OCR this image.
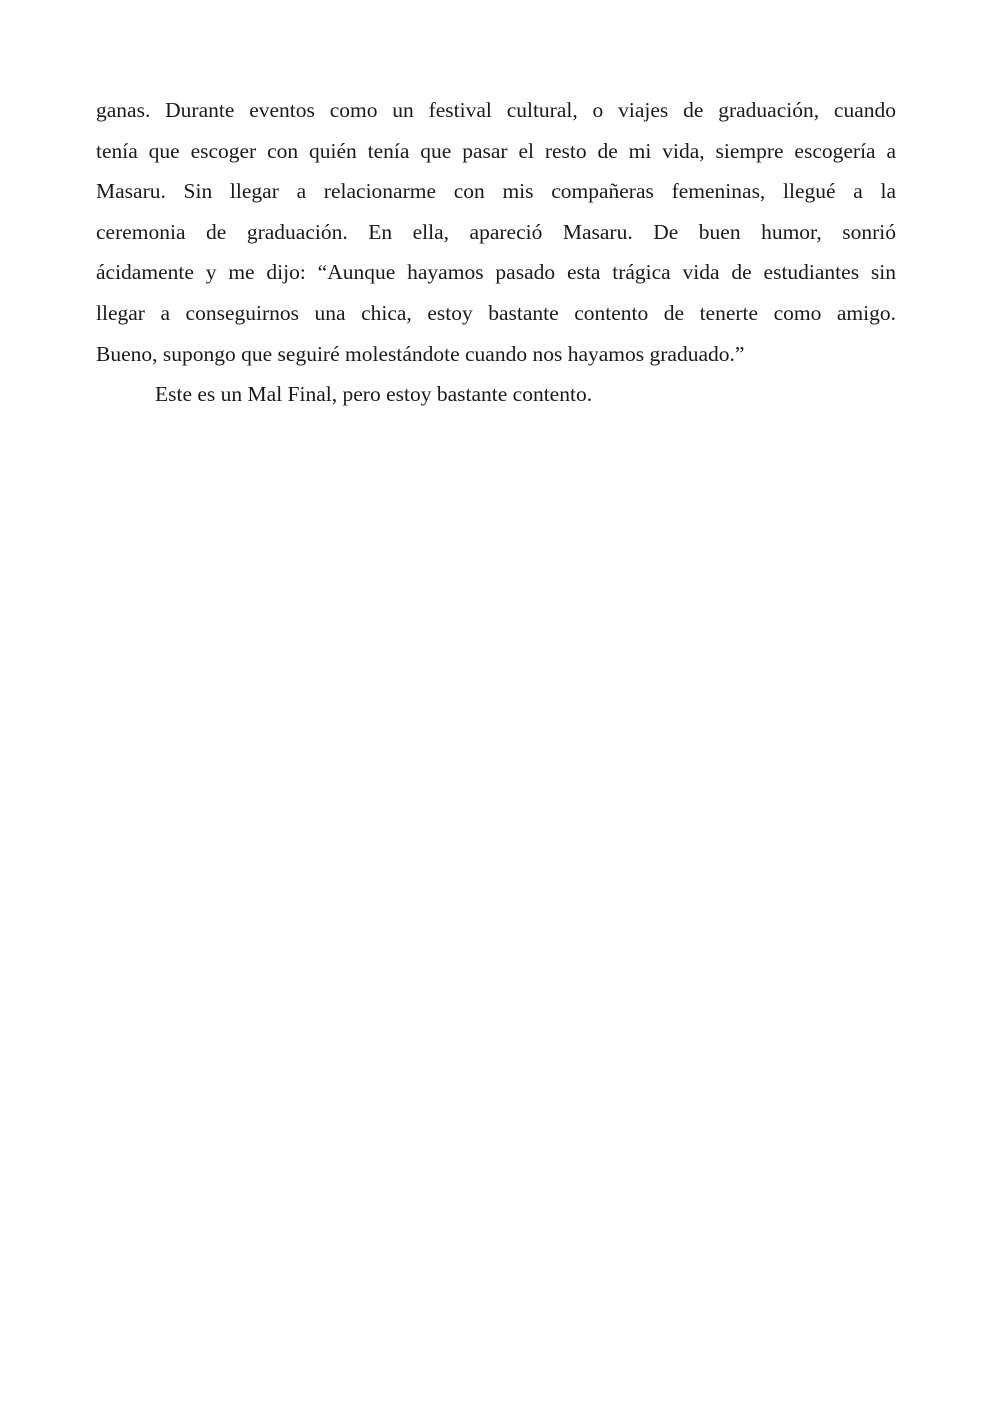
ganas. Durante eventos como un festival cultural, o viajes de graduación, cuando
tenía que escoger con quién tenía que pasar el resto de mi vida, siempre escogería a
Masaru. Sin llegar a relacionarme con mis compañeras femeninas, llegué a la
ceremonia de graduación. En ella, apareció Masaru. De buen humor, sonrió
ácidamente y me dijo: “Aunque hayamos pasado esta trágica vida de estudiantes sin
llegar a conseguirnos una chica, estoy bastante contento de tenerte como amigo.
Bueno, supongo que seguiré molestándote cuando nos hayamos graduado.”
Este es un Mal Final, pero estoy bastante contento.
